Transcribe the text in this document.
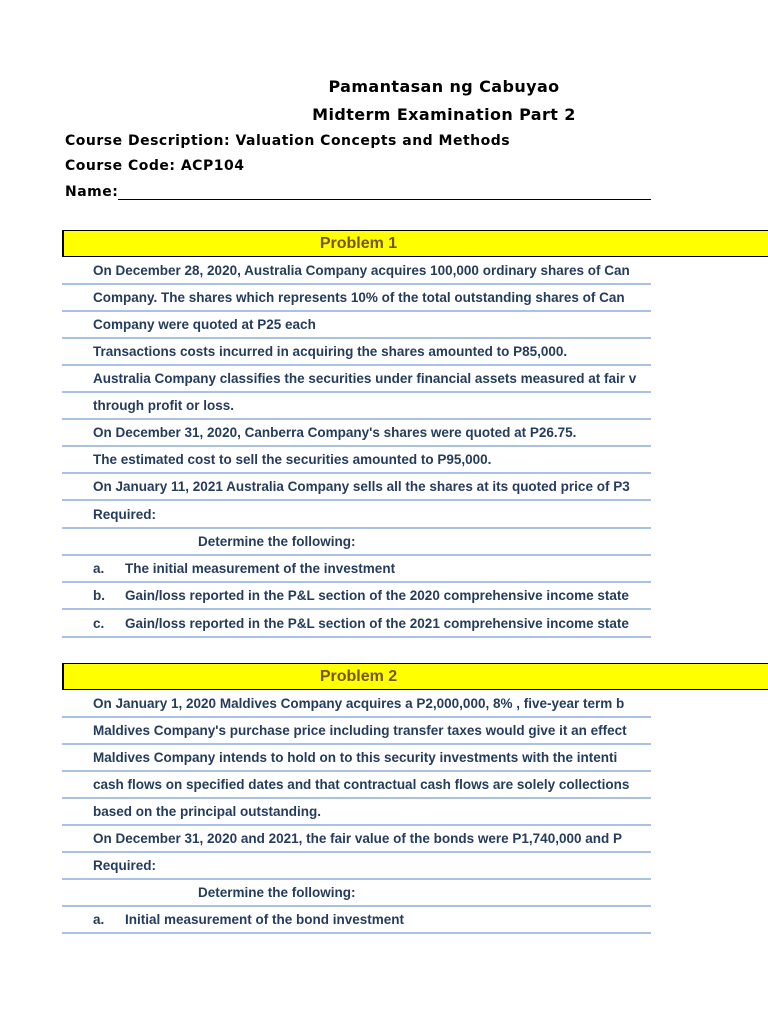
Pamantasan ng Cabuyao
Midterm Examination Part 2
Course Description: Valuation Concepts and Methods
Course Code: ACP104
Name:
Problem 1
On December 28, 2020, Australia Company acquires 100,000 ordinary shares of Can
Company. The shares which represents 10% of the total outstanding shares of Can
Company were quoted at P25 each
Transactions costs incurred in acquiring the shares amounted to P85,000.
Australia Company classifies the securities under financial assets measured at fair v
through profit or loss.
On December 31, 2020, Canberra Company's shares were quoted at P26.75.
The estimated cost to sell the securities amounted to P95,000.
On January 11, 2021 Australia Company sells all the shares at its quoted price of P3
Required:
Determine the following:
a. The initial measurement of the investment
b. Gain/loss reported in the P&L section of the 2020 comprehensive income state
c. Gain/loss reported in the P&L section of the 2021 comprehensive income state
Problem 2
On January 1, 2020 Maldives Company acquires a P2,000,000, 8% , five-year term b
Maldives Company's purchase price including transfer taxes would give it an effect
Maldives Company intends to hold on to this security investments with the intenti
cash flows on specified dates and that contractual cash flows are solely collections
based on the principal outstanding.
On December 31, 2020 and 2021, the fair value of the bonds were P1,740,000 and P
Required:
Determine the following:
a. Initial measurement of the bond investment
